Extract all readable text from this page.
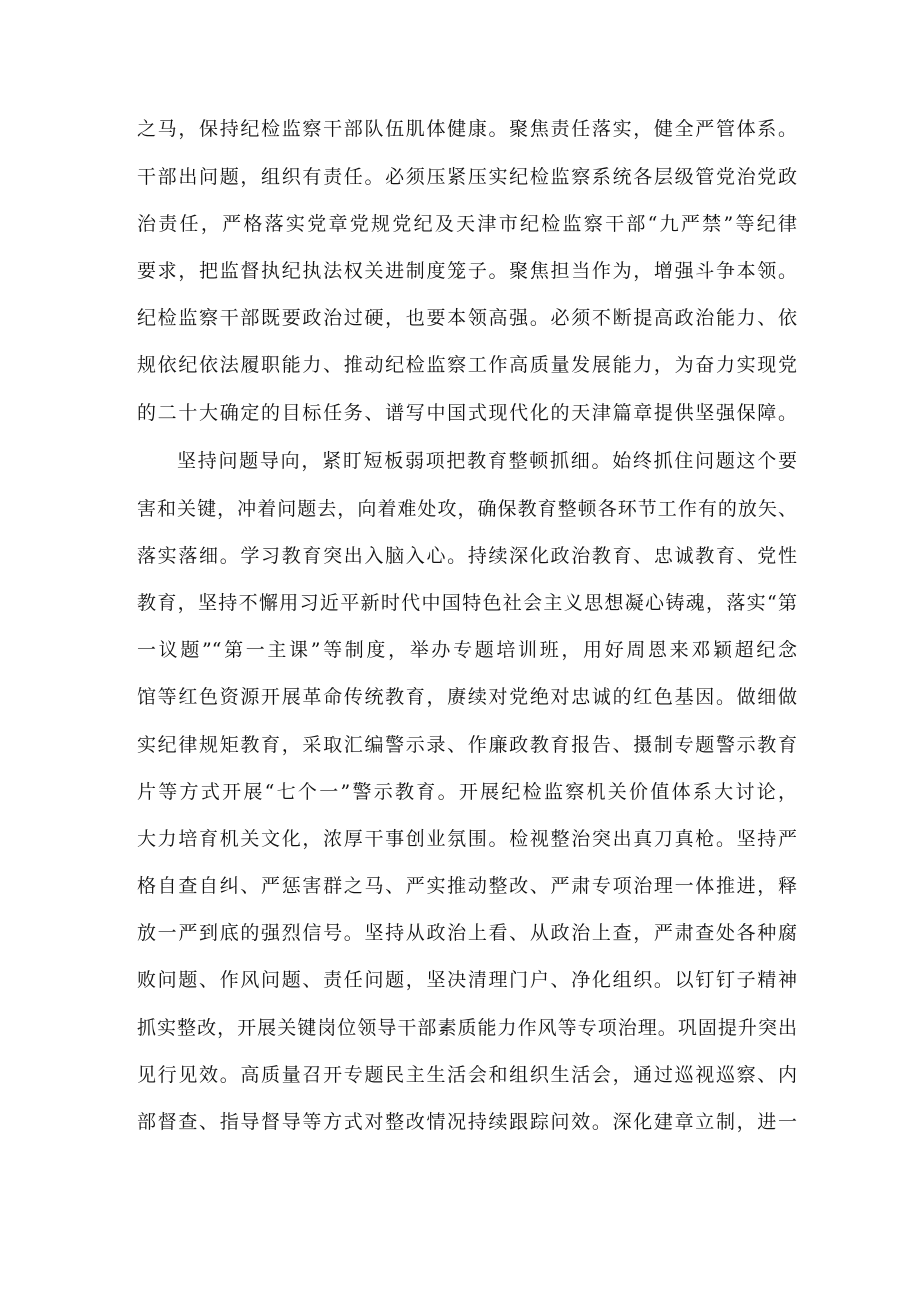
之马，保持纪检监察干部队伍肌体健康。聚焦责任落实，健全严管体系。
干部出问题，组织有责任。必须压紧压实纪检监察系统各层级管党治党政
治责任，严格落实党章党规党纪及天津市纪检监察干部“九严禁”等纪律
要求，把监督执纪执法权关进制度笼子。聚焦担当作为，增强斗争本领。
纪检监察干部既要政治过硬，也要本领高强。必须不断提高政治能力、依
规依纪依法履职能力、推动纪检监察工作高质量发展能力，为奋力实现党
的二十大确定的目标任务、谱写中国式现代化的天津篇章提供坚强保障。
坚持问题导向，紧盯短板弱项把教育整顿抓细。始终抓住问题这个要
害和关键，冲着问题去，向着难处攻，确保教育整顿各环节工作有的放矢、
落实落细。学习教育突出入脑入心。持续深化政治教育、忠诚教育、党性
教育，坚持不懈用习近平新时代中国特色社会主义思想凝心铸魂，落实“第
一议题”“第一主课”等制度，举办专题培训班，用好周恩来邓颖超纪念
馆等红色资源开展革命传统教育，赓续对党绝对忠诚的红色基因。做细做
实纪律规矩教育，采取汇编警示录、作廉政教育报告、摄制专题警示教育
片等方式开展“七个一”警示教育。开展纪检监察机关价值体系大讨论，
大力培育机关文化，浓厚干事创业氛围。检视整治突出真刀真枪。坚持严
格自查自纠、严惩害群之马、严实推动整改、严肃专项治理一体推进，释
放一严到底的强烈信号。坚持从政治上看、从政治上查，严肃查处各种腐
败问题、作风问题、责任问题，坚决清理门户、净化组织。以钉钉子精神
抓实整改，开展关键岗位领导干部素质能力作风等专项治理。巩固提升突出
见行见效。高质量召开专题民主生活会和组织生活会，通过巡视巡察、内
部督查、指导督导等方式对整改情况持续跟踪问效。深化建章立制，进一
